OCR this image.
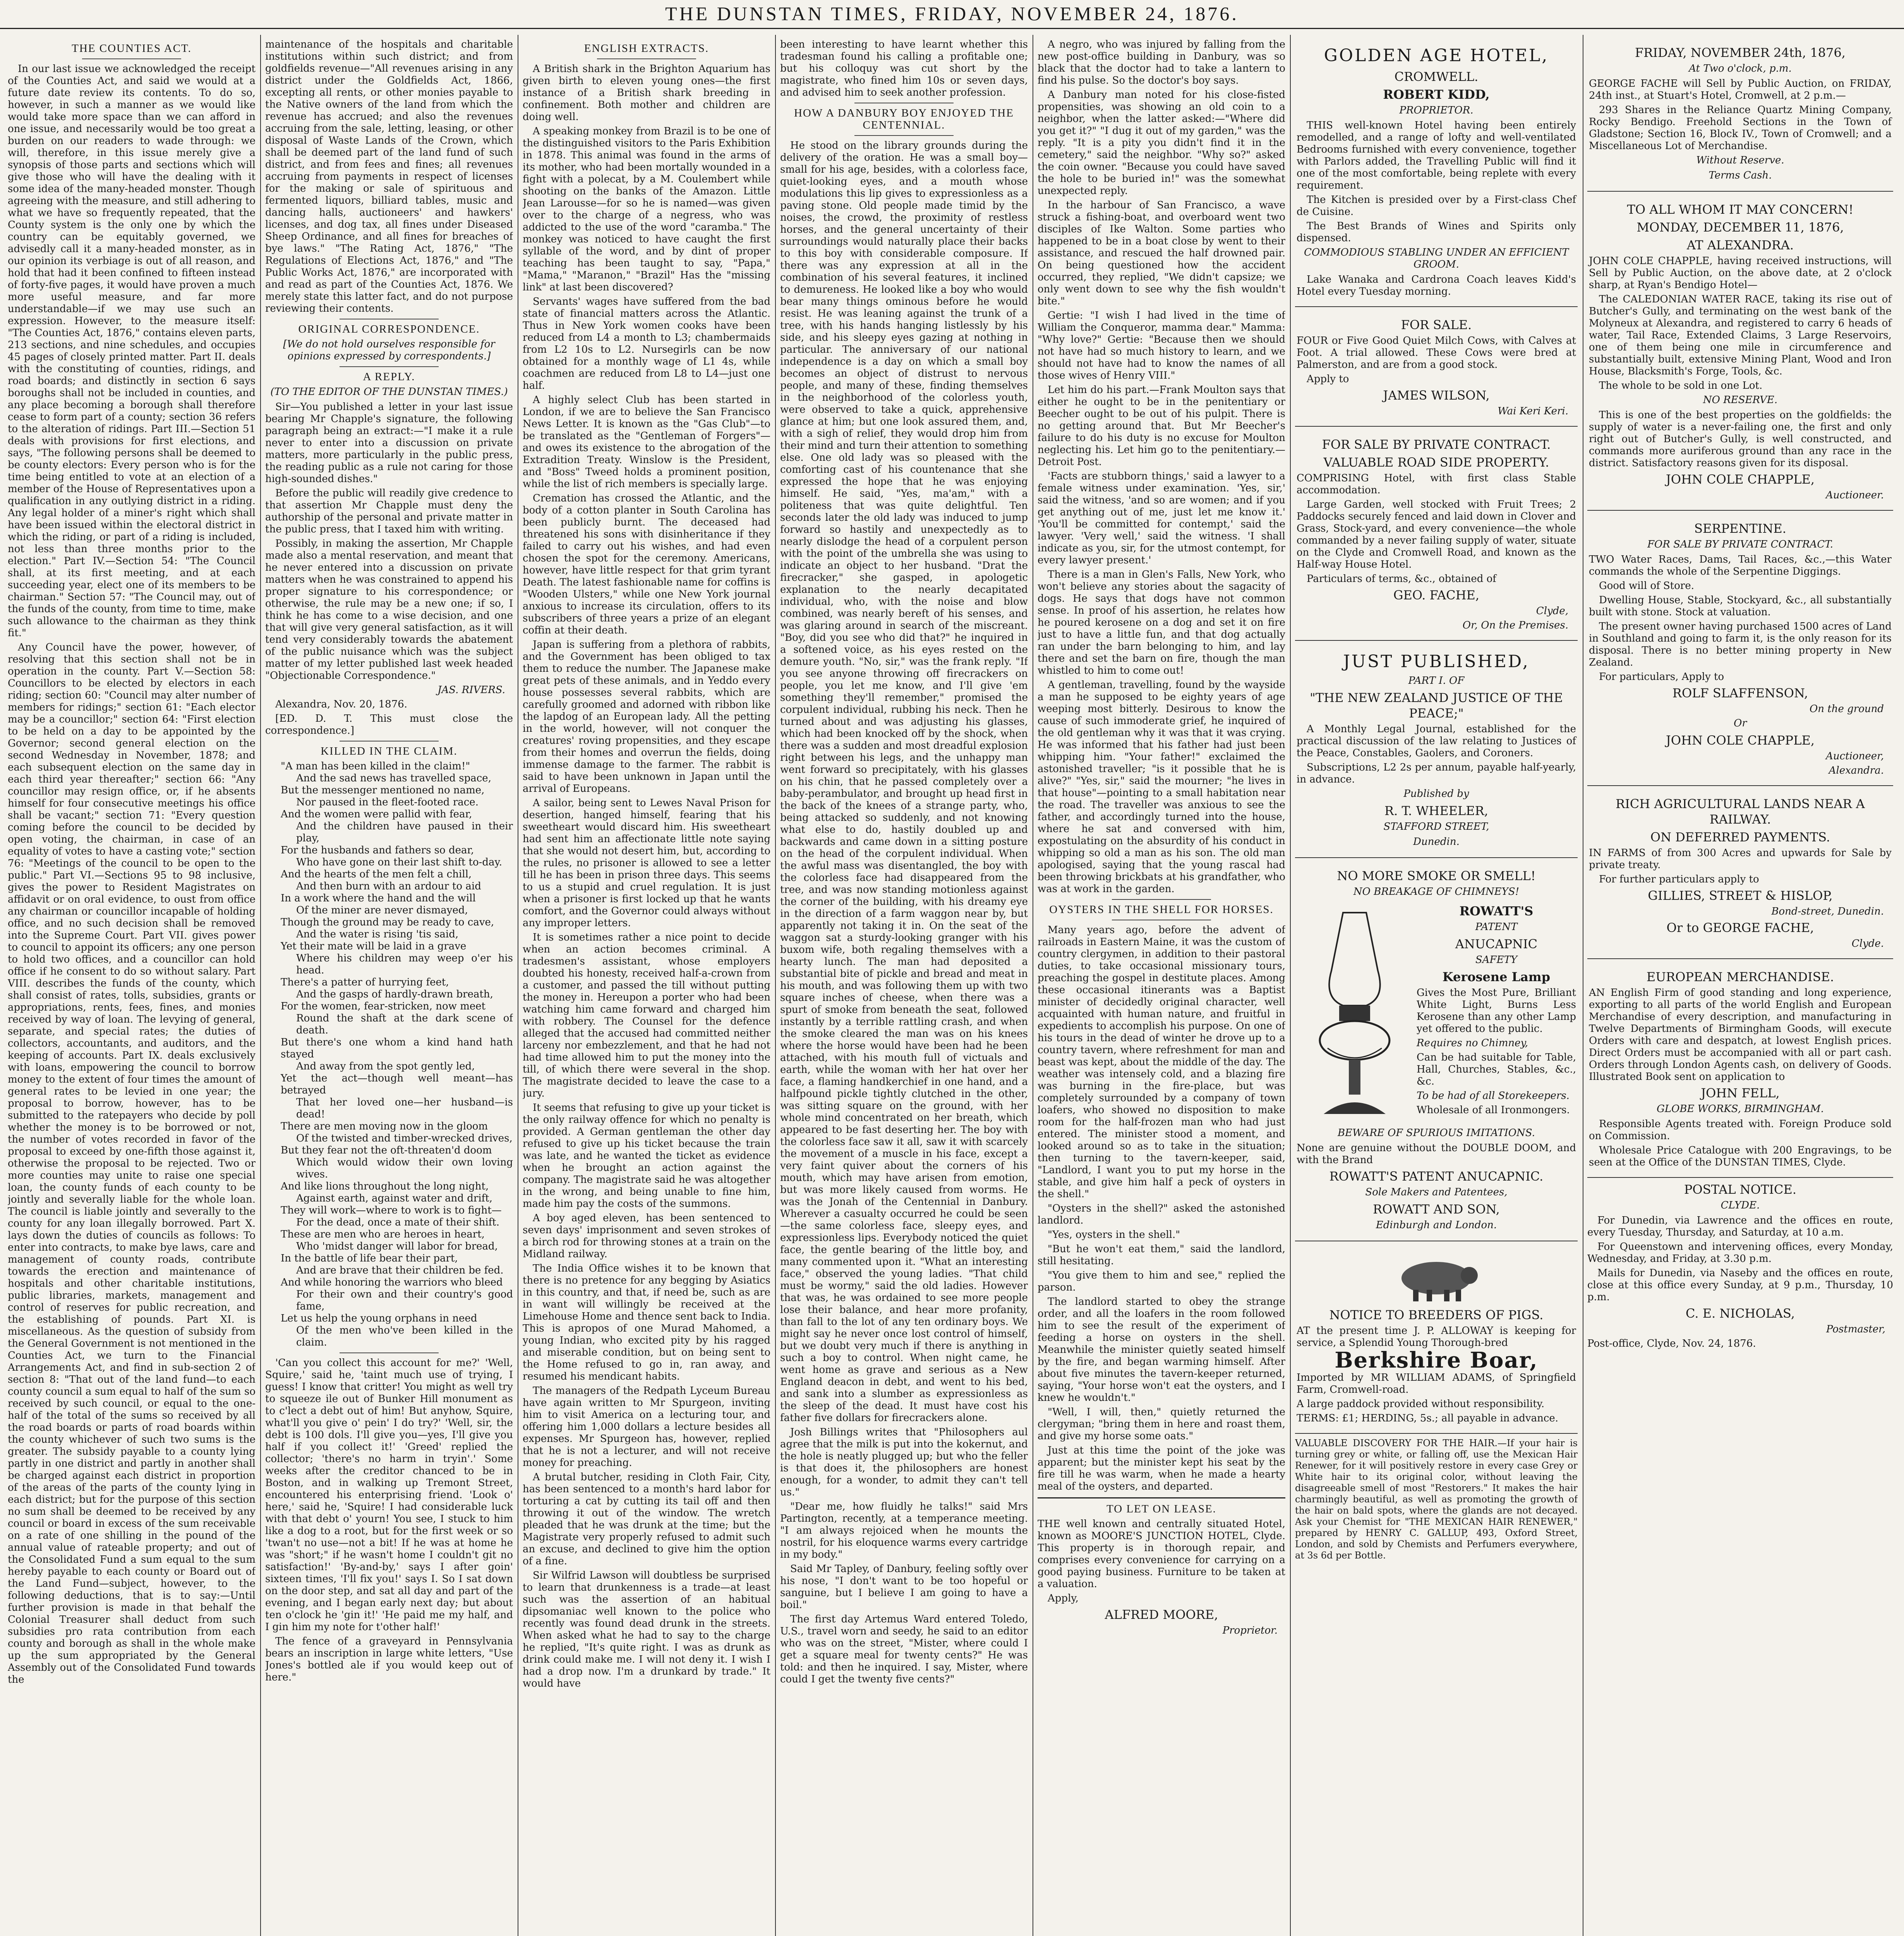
THE DUNSTAN TIMES, FRIDAY, NOVEMBER 24, 1876.
THE COUNTIES ACT.

In our last issue we acknowledged the receipt of the Counties Act, and said we would at a future date review its contents. To do so, however, in such a manner as we would like would take more space than we can afford in one issue, and necessarily would be too great a burden on our readers to wade through: we will, therefore, in this issue merely give a synopsis of those parts and sections which will give those who will have the dealing with it some idea of the many-headed monster. Though agreeing with the measure, and still adhering to what we have so frequently repeated, that the County system is the only one by which the country can be equitably governed, we advisedly call it a many-headed monster, as in our opinion its verbiage is out of all reason, and hold that had it been confined to fifteen instead of forty-five pages, it would have proven a much more useful measure, and far more understandable—if we may use such an expression. However, to the measure itself: "The Counties Act, 1876," contains eleven parts, 213 sections, and nine schedules, and occupies 45 pages of closely printed matter. Part II. deals with the constituting of counties, ridings, and road boards; and distinctly in section 6 says boroughs shall not be included in counties, and any place becoming a borough shall therefore cease to form part of a county; section 36 refers to the alteration of ridings. Part III.—Section 51 deals with provisions for first elections, and says, "The following persons shall be deemed to be county electors: Every person who is for the time being entitled to vote at an election of a member of the House of Representatives upon a qualification in any outlying district in a riding. Any legal holder of a miner's right which shall have been issued within the electoral district in which the riding, or part of a riding is included, not less than three months prior to the election." Part IV.—Section 54: "The Council shall, at its first meeting, and at each succeeding year, elect one of its members to be chairman." Section 57: "The Council may, out of the funds of the county, from time to time, make such allowance to the chairman as they think fit."

Any Council have the power, however, of resolving that this section shall not be in operation in the county. Part V.—Section 58: Councillors to be elected by electors in each riding; section 60: "Council may alter number of members for ridings;" section 61: "Each elector may be a councillor;" section 64: "First election to be held on a day to be appointed by the Governor; second general election on the second Wednesday in November, 1878; and each subsequent election on the same day in each third year thereafter;" section 66: "Any councillor may resign office, or, if he absents himself for four consecutive meetings his office shall be vacant;" section 71: "Every question coming before the council to be decided by open voting, the chairman, in case of an equality of votes to have a casting vote;" section 76: "Meetings of the council to be open to the public." Part VI.—Sections 95 to 98 inclusive, gives the power to Resident Magistrates on affidavit or on oral evidence, to oust from office any chairman or councillor incapable of holding office, and no such decision shall be removed into the Supreme Court. Part VII. gives power to council to appoint its officers; any one person to hold two offices, and a councillor can hold office if he consent to do so without salary. Part VIII. describes the funds of the county, which shall consist of rates, tolls, subsidies, grants or appropriations, rents, fees, fines, and monies received by way of loan. The levying of general, separate, and special rates; the duties of collectors, accountants, and auditors, and the keeping of accounts. Part IX. deals exclusively with loans, empowering the council to borrow money to the extent of four times the amount of general rates to be levied in one year; the proposal to borrow, however, has to be submitted to the ratepayers who decide by poll whether the money is to be borrowed or not, the number of votes recorded in favor of the proposal to exceed by one-fifth those against it, otherwise the proposal to be rejected. Two or more counties may unite to raise one special loan, the county funds of each county to be jointly and severally liable for the whole loan. The council is liable jointly and severally to the county for any loan illegally borrowed. Part X. lays down the duties of councils as follows: To enter into contracts, to make bye laws, care and management of county roads, contribute towards the erection and maintenance of hospitals and other charitable institutions, public libraries, markets, management and control of reserves for public recreation, and the establishing of pounds. Part XI. is miscellaneous. As the question of subsidy from the General Government is not mentioned in the Counties Act, we turn to the Financial Arrangements Act, and find in sub-section 2 of section 8: "That out of the land fund—to each county council a sum equal to half of the sum so received by such council, or equal to the one-half of the total of the sums so received by all the road boards or parts of road boards within the county whichever of such two sums is the greater. The subsidy payable to a county lying partly in one district and partly in another shall be charged against each district in proportion of the areas of the parts of the county lying in each district; but for the purpose of this section no sum shall be deemed to be received by any council or board in excess of the sum receivable on a rate of one shilling in the pound of the annual value of rateable property; and out of the Consolidated Fund a sum equal to the sum hereby payable to each county or Board out of the Land Fund—subject, however, to the following deductions, that is to say:—Until further provision is made in that behalf the Colonial Treasurer shall deduct from such subsidies pro rata contribution from each county and borough as shall in the whole make up the sum appropriated by the General Assembly out of the Consolidated Fund towards the

maintenance of the hospitals and charitable institutions within such district; and from goldfields revenue—"All revenues arising in any district under the Goldfields Act, 1866, excepting all rents, or other monies payable to the Native owners of the land from which the revenue has accrued; and also the revenues accruing from the sale, letting, leasing, or other disposal of Waste Lands of the Crown, which shall be deemed part of the land fund of such district, and from fees and fines; all revenues accruing from payments in respect of licenses for the making or sale of spirituous and fermented liquors, billiard tables, music and dancing halls, auctioneers' and hawkers' licenses, and dog tax, all fines under Diseased Sheep Ordinance, and all fines for breaches of bye laws." "The Rating Act, 1876," "The Regulations of Elections Act, 1876," and "The Public Works Act, 1876," are incorporated with and read as part of the Counties Act, 1876. We merely state this latter fact, and do not purpose reviewing their contents.

ORIGINAL CORRESPONDENCE.
[We do not hold ourselves responsible for opinions expressed by correspondents.]
A REPLY.
(TO THE EDITOR OF THE DUNSTAN TIMES.)

Sir—You published a letter in your last issue bearing Mr Chapple's signature, the following paragraph being an extract:—"I make it a rule never to enter into a discussion on private matters, more particularly in the public press, the reading public as a rule not caring for those high-sounded dishes."

Before the public will readily give credence to that assertion Mr Chapple must deny the authorship of the personal and private matter in the public press, that I taxed him with writing.

Possibly, in making the assertion, Mr Chapple made also a mental reservation, and meant that he never entered into a discussion on private matters when he was constrained to append his proper signature to his correspondence; or otherwise, the rule may be a new one; if so, I think he has come to a wise decision, and one that will give very general satisfaction, as it will tend very considerably towards the abatement of the public nuisance which was the subject matter of my letter published last week headed "Objectionable Correspondence."

JAS. RIVERS.

Alexandra, Nov. 20, 1876.

[ED. D. T. This must close the correspondence.]

KILLED IN THE CLAIM.

"A man has been killed in the claim!"

And the sad news has travelled space,

But the messenger mentioned no name,

Nor paused in the fleet-footed race.

And the women were pallid with fear,

And the children have paused in their play,

For the husbands and fathers so dear,

Who have gone on their last shift to-day.

And the hearts of the men felt a chill,

And then burn with an ardour to aid

In a work where the hand and the will

Of the miner are never dismayed,

Though the ground may be ready to cave,

And the water is rising 'tis said,

Yet their mate will be laid in a grave

Where his children may weep o'er his head.

There's a patter of hurrying feet,

And the gasps of hardly-drawn breath,

For the women, fear-stricken, now meet

Round the shaft at the dark scene of death.

But there's one whom a kind hand hath stayed

And away from the spot gently led,

Yet the act—though well meant—has betrayed

That her loved one—her husband—is dead!

There are men moving now in the gloom

Of the twisted and timber-wrecked drives,

But they fear not the oft-threaten'd doom

Which would widow their own loving wives.

And like lions throughout the long night,

Against earth, against water and drift,

They will work—where to work is to fight—

For the dead, once a mate of their shift.

These are men who are heroes in heart,

Who 'midst danger will labor for bread,

In the battle of life bear their part,

And are brave that their children be fed.

And while honoring the warriors who bleed

For their own and their country's good fame,

Let us help the young orphans in need

Of the men who've been killed in the claim.

'Can you collect this account for me?' 'Well, Squire,' said he, 'taint much use of trying, I guess! I know that critter! You might as well try to squeeze ile out of Bunker Hill monument as to c'lect a debt out of him! But anyhow, Squire, what'll you give o' pein' I do try?' 'Well, sir, the debt is 100 dols. I'll give you—yes, I'll give you half if you collect it!' 'Greed' replied the collector; 'there's no harm in tryin'.' Some weeks after the creditor chanced to be in Boston, and in walking up Tremont Street, encountered his enterprising friend. 'Look o' here,' said he, 'Squire! I had considerable luck with that debt o' yourn! You see, I stuck to him like a dog to a root, but for the first week or so 'twan't no use—not a bit! If he was at home he was "short;" if he wasn't home I couldn't git no satisfaction!' 'By-and-by,' says I after goin' sixteen times, 'I'll fix you!' says I. So I sat down on the door step, and sat all day and part of the evening, and I began early next day; but about ten o'clock he 'gin it!' 'He paid me my half, and I gin him my note for t'other half!'

The fence of a graveyard in Pennsylvania bears an inscription in large white letters, "Use Jones's bottled ale if you would keep out of here."

ENGLISH EXTRACTS.

A British shark in the Brighton Aquarium has given birth to eleven young ones—the first instance of a British shark breeding in confinement. Both mother and children are doing well.

A speaking monkey from Brazil is to be one of the distinguished visitors to the Paris Exhibition in 1878. This animal was found in the arms of its mother, who had been mortally wounded in a fight with a polecat, by a M. Coulembert while shooting on the banks of the Amazon. Little Jean Larousse—for so he is named—was given over to the charge of a negress, who was addicted to the use of the word "caramba." The monkey was noticed to have caught the first syllable of the word, and by dint of proper teaching has been taught to say, "Papa," "Mama," "Maranon," "Brazil" Has the "missing link" at last been discovered?

Servants' wages have suffered from the bad state of financial matters across the Atlantic. Thus in New York women cooks have been reduced from L4 a month to L3; chambermaids from L2 10s to L2. Nursegirls can be now obtained for a monthly wage of L1 4s, while coachmen are reduced from L8 to L4—just one half.

A highly select Club has been started in London, if we are to believe the San Francisco News Letter. It is known as the "Gas Club"—to be translated as the "Gentleman of Forgers"—and owes its existence to the abrogation of the Extradition Treaty. Winslow is the President, and "Boss" Tweed holds a prominent position, while the list of rich members is specially large.

Cremation has crossed the Atlantic, and the body of a cotton planter in South Carolina has been publicly burnt. The deceased had threatened his sons with disinheritance if they failed to carry out his wishes, and had even chosen the spot for the ceremony. Americans, however, have little respect for that grim tyrant Death. The latest fashionable name for coffins is "Wooden Ulsters," while one New York journal anxious to increase its circulation, offers to its subscribers of three years a prize of an elegant coffin at their death.

Japan is suffering from a plethora of rabbits, and the Government has been obliged to tax them to reduce the number. The Japanese make great pets of these animals, and in Yeddo every house possesses several rabbits, which are carefully groomed and adorned with ribbon like the lapdog of an European lady. All the petting in the world, however, will not conquer the creatures' roving propensities, and they escape from their homes and overrun the fields, doing immense damage to the farmer. The rabbit is said to have been unknown in Japan until the arrival of Europeans.

A sailor, being sent to Lewes Naval Prison for desertion, hanged himself, fearing that his sweetheart would discard him. His sweetheart had sent him an affectionate little note saying that she would not desert him, but, according to the rules, no prisoner is allowed to see a letter till he has been in prison three days. This seems to us a stupid and cruel regulation. It is just when a prisoner is first locked up that he wants comfort, and the Governor could always without any improper letters.

It is sometimes rather a nice point to decide when an action becomes criminal. A tradesmen's assistant, whose employers doubted his honesty, received half-a-crown from a customer, and passed the till without putting the money in. Hereupon a porter who had been watching him came forward and charged him with robbery. The Counsel for the defence alleged that the accused had committed neither larceny nor embezzlement, and that he had not had time allowed him to put the money into the till, of which there were several in the shop. The magistrate decided to leave the case to a jury.

It seems that refusing to give up your ticket is the only railway offence for which no penalty is provided. A German gentleman the other day refused to give up his ticket because the train was late, and he wanted the ticket as evidence when he brought an action against the company. The magistrate said he was altogether in the wrong, and being unable to fine him, made him pay the costs of the summons.

A boy aged eleven, has been sentenced to seven days' imprisonment and seven strokes of a birch rod for throwing stones at a train on the Midland railway.

The India Office wishes it to be known that there is no pretence for any begging by Asiatics in this country, and that, if need be, such as are in want will willingly be received at the Limehouse Home and thence sent back to India. This is apropos of one Murad Mahomed, a young Indian, who excited pity by his ragged and miserable condition, but on being sent to the Home refused to go in, ran away, and resumed his mendicant habits.

The managers of the Redpath Lyceum Bureau have again written to Mr Spurgeon, inviting him to visit America on a lecturing tour, and offering him 1,000 dollars a lecture besides all expenses. Mr Spurgeon has, however, replied that he is not a lecturer, and will not receive money for preaching.

A brutal butcher, residing in Cloth Fair, City, has been sentenced to a month's hard labor for torturing a cat by cutting its tail off and then throwing it out of the window. The wretch pleaded that he was drunk at the time; but the Magistrate very properly refused to admit such an excuse, and declined to give him the option of a fine.

Sir Wilfrid Lawson will doubtless be surprised to learn that drunkenness is a trade—at least such was the assertion of an habitual dipsomaniac well known to the police who recently was found dead drunk in the streets. When asked what he had to say to the charge he replied, "It's quite right. I was as drunk as drink could make me. I will not deny it. I wish I had a drop now. I'm a drunkard by trade." It would have

been interesting to have learnt whether this tradesman found his calling a profitable one; but his colloquy was cut short by the magistrate, who fined him 10s or seven days, and advised him to seek another profession.

HOW A DANBURY BOY ENJOYED THE CENTENNIAL.

He stood on the library grounds during the delivery of the oration. He was a small boy—small for his age, besides, with a colorless face, quiet-looking eyes, and a mouth whose modulations this lip gives to expressionless as a paving stone. Old people made timid by the noises, the crowd, the proximity of restless horses, and the general uncertainty of their surroundings would naturally place their backs to this boy with considerable composure. If there was any expression at all in the combination of his several features, it inclined to demureness. He looked like a boy who would bear many things ominous before he would resist. He was leaning against the trunk of a tree, with his hands hanging listlessly by his side, and his sleepy eyes gazing at nothing in particular. The anniversary of our national independence is a day on which a small boy becomes an object of distrust to nervous people, and many of these, finding themselves in the neighborhood of the colorless youth, were observed to take a quick, apprehensive glance at him; but one look assured them, and, with a sigh of relief, they would drop him from their mind and turn their attention to something else. One old lady was so pleased with the comforting cast of his countenance that she expressed the hope that he was enjoying himself. He said, "Yes, ma'am," with a politeness that was quite delightful. Ten seconds later the old lady was induced to jump forward so hastily and unexpectedly as to nearly dislodge the head of a corpulent person with the point of the umbrella she was using to indicate an object to her husband. "Drat the firecracker," she gasped, in apologetic explanation to the nearly decapitated individual, who, with the noise and blow combined, was nearly bereft of his senses, and was glaring around in search of the miscreant. "Boy, did you see who did that?" he inquired in a softened voice, as his eyes rested on the demure youth. "No, sir," was the frank reply. "If you see anyone throwing off firecrackers on people, you let me know, and I'll give 'em something they'll remember," promised the corpulent individual, rubbing his neck. Then he turned about and was adjusting his glasses, which had been knocked off by the shock, when there was a sudden and most dreadful explosion right between his legs, and the unhappy man went forward so precipitately, with his glasses on his chin, that he passed completely over a baby-perambulator, and brought up head first in the back of the knees of a strange party, who, being attacked so suddenly, and not knowing what else to do, hastily doubled up and backwards and came down in a sitting posture on the head of the corpulent individual. When the awful mass was disentangled, the boy with the colorless face had disappeared from the tree, and was now standing motionless against the corner of the building, with his dreamy eye in the direction of a farm waggon near by, but apparently not taking it in. On the seat of the waggon sat a sturdy-looking granger with his buxom wife, both regaling themselves with a hearty lunch. The man had deposited a substantial bite of pickle and bread and meat in his mouth, and was following them up with two square inches of cheese, when there was a spurt of smoke from beneath the seat, followed instantly by a terrible rattling crash, and when the smoke cleared the man was on his knees where the horse would have been had he been attached, with his mouth full of victuals and earth, while the woman with her hat over her face, a flaming handkerchief in one hand, and a halfpound pickle tightly clutched in the other, was sitting square on the ground, with her whole mind concentrated on her breath, which appeared to be fast deserting her. The boy with the colorless face saw it all, saw it with scarcely the movement of a muscle in his face, except a very faint quiver about the corners of his mouth, which may have arisen from emotion, but was more likely caused from worms. He was the Jonah of the Centennial in Danbury. Wherever a casualty occurred he could be seen—the same colorless face, sleepy eyes, and expressionless lips. Everybody noticed the quiet face, the gentle bearing of the little boy, and many commented upon it. "What an interesting face," observed the young ladies. "That child must be wormy," said the old ladies. However that was, he was ordained to see more people lose their balance, and hear more profanity, than fall to the lot of any ten ordinary boys. We might say he never once lost control of himself, but we doubt very much if there is anything in such a boy to control. When night came, he went home as grave and serious as a New England deacon in debt, and went to his bed, and sank into a slumber as expressionless as the sleep of the dead. It must have cost his father five dollars for firecrackers alone.

Josh Billings writes that "Philosophers aul agree that the milk is put into the kokernut, and the hole is neatly plugged up; but who the feller is that does it, the philosophers are honest enough, for a wonder, to admit they can't tell us."

"Dear me, how fluidly he talks!" said Mrs Partington, recently, at a temperance meeting. "I am always rejoiced when he mounts the nostril, for his eloquence warms every cartridge in my body."

Said Mr Tapley, of Danbury, feeling softly over his nose, "I don't want to be too hopeful or sanguine, but I believe I am going to have a boil."

The first day Artemus Ward entered Toledo, U.S., travel worn and seedy, he said to an editor who was on the street, "Mister, where could I get a square meal for twenty cents?" He was told: and then he inquired. I say, Mister, where could I get the twenty five cents?"

A negro, who was injured by falling from the new post-office building in Danbury, was so black that the doctor had to take a lantern to find his pulse. So the doctor's boy says.

A Danbury man noted for his close-fisted propensities, was showing an old coin to a neighbor, when the latter asked:—"Where did you get it?" "I dug it out of my garden," was the reply. "It is a pity you didn't find it in the cemetery," said the neighbor. "Why so?" asked the coin owner. "Because you could have saved the hole to be buried in!" was the somewhat unexpected reply.

In the harbour of San Francisco, a wave struck a fishing-boat, and overboard went two disciples of Ike Walton. Some parties who happened to be in a boat close by went to their assistance, and rescued the half drowned pair. On being questioned how the accident occurred, they replied, "We didn't capsize; we only went down to see why the fish wouldn't bite."

Gertie: "I wish I had lived in the time of William the Conqueror, mamma dear." Mamma: "Why love?" Gertie: "Because then we should not have had so much history to learn, and we should not have had to know the names of all those wives of Henry VIII."

Let him do his part.—Frank Moulton says that either he ought to be in the penitentiary or Beecher ought to be out of his pulpit. There is no getting around that. But Mr Beecher's failure to do his duty is no excuse for Moulton neglecting his. Let him go to the penitentiary.—Detroit Post.

'Facts are stubborn things,' said a lawyer to a female witness under examination. 'Yes, sir,' said the witness, 'and so are women; and if you get anything out of me, just let me know it.' 'You'll be committed for contempt,' said the lawyer. 'Very well,' said the witness. 'I shall indicate as you, sir, for the utmost contempt, for every lawyer present.'

There is a man in Glen's Falls, New York, who won't believe any stories about the sagacity of dogs. He says that dogs have not common sense. In proof of his assertion, he relates how he poured kerosene on a dog and set it on fire just to have a little fun, and that dog actually ran under the barn belonging to him, and lay there and set the barn on fire, though the man whistled to him to come out!

A gentleman, travelling, found by the wayside a man he supposed to be eighty years of age weeping most bitterly. Desirous to know the cause of such immoderate grief, he inquired of the old gentleman why it was that it was crying. He was informed that his father had just been whipping him. "Your father!" exclaimed the astonished traveller; "is it possible that he is alive?" "Yes, sir," said the mourner; "he lives in that house"—pointing to a small habitation near the road. The traveller was anxious to see the father, and accordingly turned into the house, where he sat and conversed with him, expostulating on the absurdity of his conduct in whipping so old a man as his son. The old man apologised, saying that the young rascal had been throwing brickbats at his grandfather, who was at work in the garden.

OYSTERS IN THE SHELL FOR HORSES.

Many years ago, before the advent of railroads in Eastern Maine, it was the custom of country clergymen, in addition to their pastoral duties, to take occasional missionary tours, preaching the gospel in destitute places. Among these occasional itinerants was a Baptist minister of decidedly original character, well acquainted with human nature, and fruitful in expedients to accomplish his purpose. On one of his tours in the dead of winter he drove up to a country tavern, where refreshment for man and beast was kept, about the middle of the day. The weather was intensely cold, and a blazing fire was burning in the fire-place, but was completely surrounded by a company of town loafers, who showed no disposition to make room for the half-frozen man who had just entered. The minister stood a moment, and looked around so as to take in the situation; then turning to the tavern-keeper, said, "Landlord, I want you to put my horse in the stable, and give him half a peck of oysters in the shell."

"Oysters in the shell?" asked the astonished landlord.

"Yes, oysters in the shell."

"But he won't eat them," said the landlord, still hesitating.

"You give them to him and see," replied the parson.

The landlord started to obey the strange order, and all the loafers in the room followed him to see the result of the experiment of feeding a horse on oysters in the shell. Meanwhile the minister quietly seated himself by the fire, and began warming himself. After about five minutes the tavern-keeper returned, saying, "Your horse won't eat the oysters, and I knew he wouldn't."

"Well, I will, then," quietly returned the clergyman; "bring them in here and roast them, and give my horse some oats."

Just at this time the point of the joke was apparent; but the minister kept his seat by the fire till he was warm, when he made a hearty meal of the oysters, and departed.

TO LET ON LEASE.

THE well known and centrally situated Hotel, known as MOORE'S JUNCTION HOTEL, Clyde. This property is in thorough repair, and comprises every convenience for carrying on a good paying business. Furniture to be taken at a valuation.

Apply,

ALFRED MOORE,
Proprietor.
GOLDEN AGE HOTEL,
CROMWELL.
ROBERT KIDD,
PROPRIETOR.

THIS well-known Hotel having been entirely remodelled, and a range of lofty and well-ventilated Bedrooms furnished with every convenience, together with Parlors added, the Travelling Public will find it one of the most comfortable, being replete with every requirement.

The Kitchen is presided over by a First-class Chef de Cuisine.

The Best Brands of Wines and Spirits only dispensed.

COMMODIOUS STABLING UNDER AN EFFICIENT GROOM.

Lake Wanaka and Cardrona Coach leaves Kidd's Hotel every Tuesday morning.

FOR SALE.

FOUR or Five Good Quiet Milch Cows, with Calves at Foot. A trial allowed. These Cows were bred at Palmerston, and are from a good stock.

Apply to

JAMES WILSON,
Wai Keri Keri.
FOR SALE BY PRIVATE CONTRACT.
VALUABLE ROAD SIDE PROPERTY.

COMPRISING Hotel, with first class Stable accommodation.

Large Garden, well stocked with Fruit Trees; 2 Paddocks securely fenced and laid down in Clover and Grass, Stock-yard, and every convenience—the whole commanded by a never failing supply of water, situate on the Clyde and Cromwell Road, and known as the Half-way House Hotel.

Particulars of terms, &c., obtained of

GEO. FACHE,
Clyde,
Or, On the Premises.
JUST PUBLISHED,
PART I. OF
"THE NEW ZEALAND JUSTICE OF THE PEACE;"

A Monthly Legal Journal, established for the practical discussion of the law relating to Justices of the Peace, Constables, Gaolers, and Coroners.

Subscriptions, L2 2s per annum, payable half-yearly, in advance.

Published by
R. T. WHEELER,
STAFFORD STREET,
Dunedin.
NO MORE SMOKE OR SMELL!
NO BREAKAGE OF CHIMNEYS!
ROWATT'S
PATENT
ANUCAPNIC
SAFETY
Kerosene Lamp

Gives the Most Pure, Brilliant White Light, Burns Less Kerosene than any other Lamp yet offered to the public.

Requires no Chimney,

Can be had suitable for Table, Hall, Churches, Stables, &c., &c.

To be had of all Storekeepers.

Wholesale of all Ironmongers.

BEWARE OF SPURIOUS IMITATIONS.

None are genuine without the DOUBLE DOOM, and with the Brand

ROWATT'S PATENT ANUCAPNIC.
Sole Makers and Patentees,
ROWATT AND SON,
Edinburgh and London.
NOTICE TO BREEDERS OF PIGS.

AT the present time J. P. ALLOWAY is keeping for service, a Splendid Young Thorough-bred

Berkshire Boar,

Imported by MR WILLIAM ADAMS, of Springfield Farm, Cromwell-road.

A large paddock provided without responsibility.

TERMS: £1; HERDING, 5s.; all payable in advance.

VALUABLE DISCOVERY FOR THE HAIR.—If your hair is turning grey or white, or falling off, use the Mexican Hair Renewer, for it will positively restore in every case Grey or White hair to its original color, without leaving the disagreeable smell of most "Restorers." It makes the hair charmingly beautiful, as well as promoting the growth of the hair on bald spots, where the glands are not decayed. Ask your Chemist for "THE MEXICAN HAIR RENEWER," prepared by HENRY C. GALLUP, 493, Oxford Street, London, and sold by Chemists and Perfumers everywhere, at 3s 6d per Bottle.

FRIDAY, NOVEMBER 24th, 1876,
At Two o'clock, p.m.

GEORGE FACHE will Sell by Public Auction, on FRIDAY, 24th inst., at Stuart's Hotel, Cromwell, at 2 p.m.—

293 Shares in the Reliance Quartz Mining Company, Rocky Bendigo. Freehold Sections in the Town of Gladstone; Section 16, Block IV., Town of Cromwell; and a Miscellaneous Lot of Merchandise.

Without Reserve.
Terms Cash.
TO ALL WHOM IT MAY CONCERN!
MONDAY, DECEMBER 11, 1876,
AT ALEXANDRA.

JOHN COLE CHAPPLE, having received instructions, will Sell by Public Auction, on the above date, at 2 o'clock sharp, at Ryan's Bendigo Hotel—

The CALEDONIAN WATER RACE, taking its rise out of Butcher's Gully, and terminating on the west bank of the Molyneux at Alexandra, and registered to carry 6 heads of water, Tail Race, Extended Claims, 3 Large Reservoirs, one of them being one mile in circumference and substantially built, extensive Mining Plant, Wood and Iron House, Blacksmith's Forge, Tools, &c.

The whole to be sold in one Lot.

NO RESERVE.

This is one of the best properties on the goldfields: the supply of water is a never-failing one, the first and only right out of Butcher's Gully, is well constructed, and commands more auriferous ground than any race in the district. Satisfactory reasons given for its disposal.

JOHN COLE CHAPPLE,
Auctioneer.
SERPENTINE.
FOR SALE BY PRIVATE CONTRACT.

TWO Water Races, Dams, Tail Races, &c.,—this Water commands the whole of the Serpentine Diggings.

Good will of Store.

Dwelling House, Stable, Stockyard, &c., all substantially built with stone. Stock at valuation.

The present owner having purchased 1500 acres of Land in Southland and going to farm it, is the only reason for its disposal. There is no better mining property in New Zealand.

For particulars, Apply to

ROLF SLAFFENSON,
On the ground
Or
JOHN COLE CHAPPLE,
Auctioneer,
Alexandra.
RICH AGRICULTURAL LANDS NEAR A RAILWAY.
ON DEFERRED PAYMENTS.

IN FARMS of from 300 Acres and upwards for Sale by private treaty.

For further particulars apply to

GILLIES, STREET & HISLOP,
Bond-street, Dunedin.
Or to GEORGE FACHE,
Clyde.
EUROPEAN MERCHANDISE.

AN English Firm of good standing and long experience, exporting to all parts of the world English and European Merchandise of every description, and manufacturing in Twelve Departments of Birmingham Goods, will execute Orders with care and despatch, at lowest English prices. Direct Orders must be accompanied with all or part cash. Orders through London Agents cash, on delivery of Goods. Illustrated Book sent on application to

JOHN FELL,
GLOBE WORKS, BIRMINGHAM.

Responsible Agents treated with. Foreign Produce sold on Commission.

Wholesale Price Catalogue with 200 Engravings, to be seen at the Office of the DUNSTAN TIMES, Clyde.

POSTAL NOTICE.
CLYDE.

For Dunedin, via Lawrence and the offices en route, every Tuesday, Thursday, and Saturday, at 10 a.m.

For Queenstown and intervening offices, every Monday, Wednesday, and Friday, at 3.30 p.m.

Mails for Dunedin, via Naseby and the offices en route, close at this office every Sunday, at 9 p.m., Thursday, 10 p.m.

C. E. NICHOLAS,
Postmaster,

Post-office, Clyde, Nov. 24, 1876.
